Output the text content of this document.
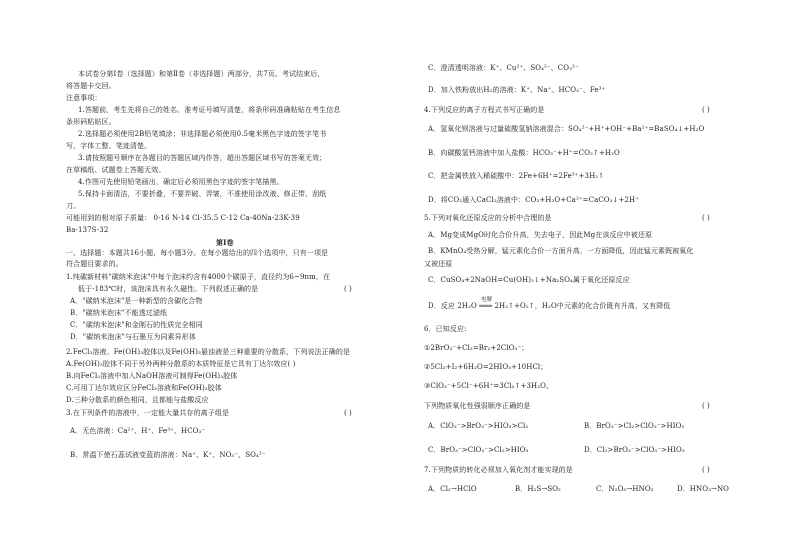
本试卷分第Ⅰ卷（选择题）和第Ⅱ卷（非选择题）两部分，共7页。考试结束后，
将答题卡交回。
注意事项：
1.答题前，考生先将自己的姓名、准考证号填写清楚，将条形码准确粘贴在考生信息
条形码粘贴区。
2.选择题必须使用2B铅笔填涂；非选择题必须使用0.5毫米黑色字迹的签字笔书
写，字体工整、笔迹清楚。
3.请按照题号顺序在各题目的答题区域内作答，超出答题区域书写的答案无效；
在草稿纸、试题卷上答题无效。
4.作图可先使用铅笔画出，确定后必须用黑色字迹的签字笔描黑。
5.保持卡面清洁，不要折叠，不要弄破、弄皱，不准使用涂改液、修正带、刮纸
刀。
可能用到的相对原子质量： 0-16 N-14 Cl-35.5 C-12 Ca-40Na-23K-39
Ba-137S-32
第Ⅰ卷
一、选择题：本题共16小题，每小题3分。在每小题给出的四个选项中，只有一项是
符合题目要求的。
1.纯碳新材料"碳纳米泡沫"中每个泡沫约含有4000个碳原子，直径约为6~9nm，在
低于-183℃时，该泡沫具有永久磁性。下列叙述正确的是	( )
A．"碳纳米泡沫"是一种新型的含碳化合物
B．"碳纳米泡沫"不能透过滤纸
C．"碳纳米泡沫"和金刚石的性质完全相同
D．"碳纳米泡沫"与石墨互为同素异形体
2.FeCl₃溶液、Fe(OH)₃胶体以及Fe(OH)₃悬浊液是三种重要的分散系，下列说法正确的是
A.Fe(OH)₃胶体不同于另外两种分散系的本质特征是它具有丁达尔效应( )
B.向FeCl₃溶液中加入NaOH溶液可制得Fe(OH)₃胶体
C.可用丁达尔效应区分FeCl₃溶液和Fe(OH)₃胶体
D.三种分散系的颜色相同，且都能与盐酸反应
3.在下列条件的溶液中，一定能大量共存的离子组是	( )
A．无色溶液：Ca²⁺、H⁺、Fe³⁺、HCO₃⁻
B．常温下使石蕊试液变蓝的溶液：Na⁺、K⁺、NO₃⁻、SO₄²⁻
C．澄清透明溶液：K⁺、Cu²⁺、SO₄²⁻、CO₃²⁻
D．加入铁粉放出H₂的溶液：K⁺、Na⁺、HCO₃⁻、Fe³⁺
4.下列反应的离子方程式书写正确的是	( )
A．氢氧化钡溶液与过量硫酸氢钠溶液混合：SO₄²⁻+H⁺+OH⁻+Ba²⁺=BaSO₄↓+H₂O
B．向碳酸氢钙溶液中加入盐酸：HCO₃⁻+H⁺=CO₂↑+H₂O
C．把金属铁放入稀硫酸中：2Fe+6H⁺=2Fe³⁺+3H₂↑
D．将CO₂通入CaCl₂溶液中：CO₂+H₂O+Ca²⁺=CaCO₃↓+2H⁺
5.下列对氧化还原反应的分析中合理的是	( )
A．Mg变成MgO时化合价升高，失去电子，因此Mg在该反应中被还原
B．KMnO₄受热分解，锰元素化合价一方面升高，一方面降低，因此锰元素既被氧化
又被还原
C．CuSO₄+2NaOH=Cu(OH)₂↓+Na₂SO₄属于氧化还原反应
D．反应 2H₂O
电解
═══ 2H₂↑+O₂↑，H₂O中元素的化合价既有升高，又有降低
6．已知反应:
①2BrO₃⁻+Cl₂=Br₂+2ClO₃⁻；
②5Cl₂+I₂+6H₂O=2HIO₃+10HCl；
③ClO₃⁻+5Cl⁻+6H⁺=3Cl₂↑+3H₂O。
下列物质氧化性强弱顺序正确的是	( )
A．ClO₃⁻>BrO₃⁻>HIO₃>Cl₂	B．BrO₃⁻>Cl₂>ClO₃⁻>HIO₃
C．BrO₃⁻>ClO₃⁻>Cl₂>HIO₃	D．Cl₂>BrO₃⁻>ClO₃⁻>HIO₃
7.下列物质的转化必须加入氧化剂才能实现的是	( )
A．Cl₂→HClO	B．H₂S→SO₂	C．N₂O₅→HNO₃	D．HNO₃→NO
